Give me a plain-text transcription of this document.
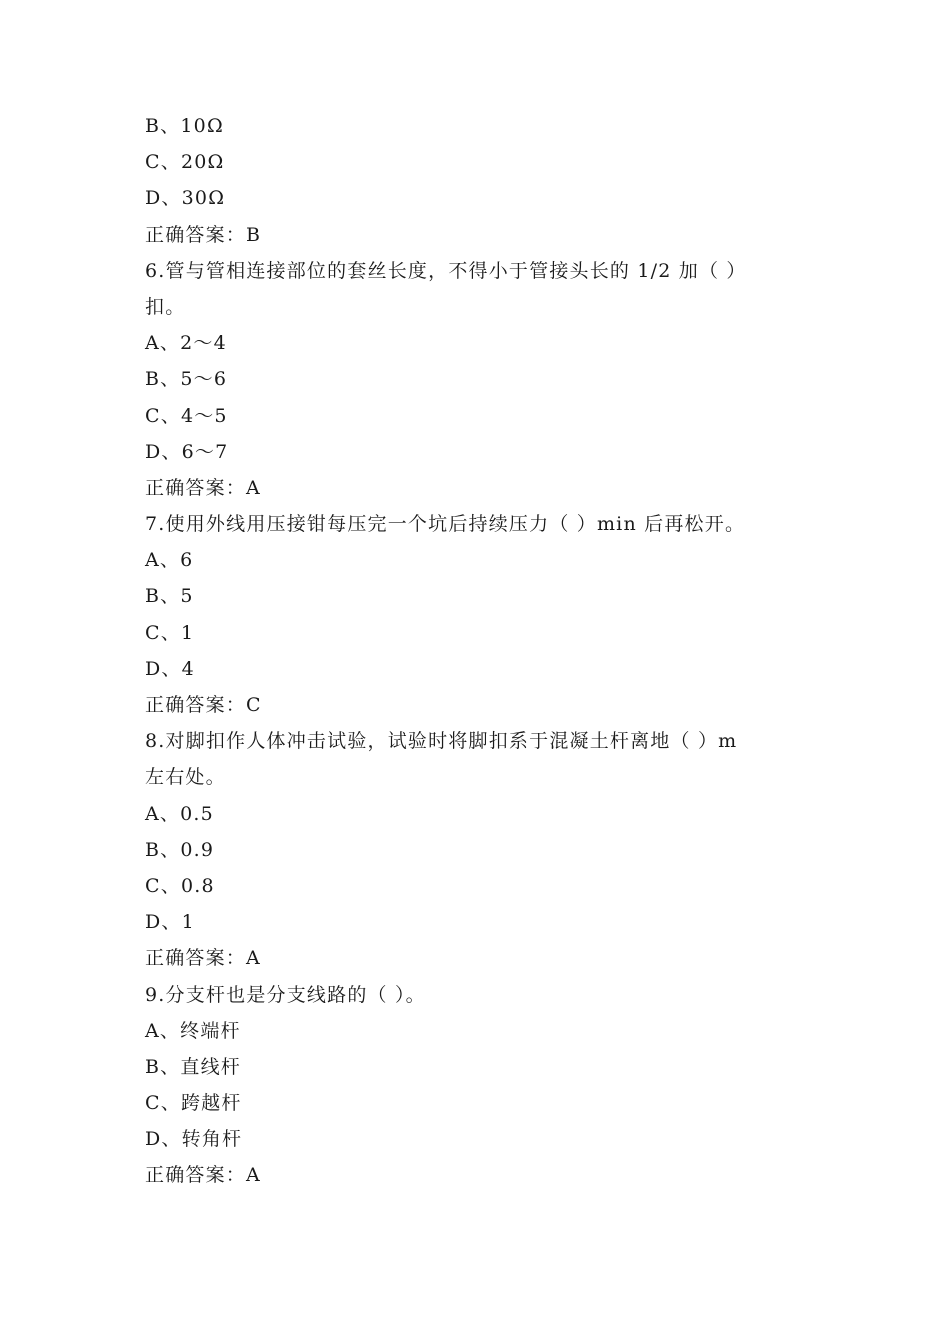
B、10Ω
C、20Ω
D、30Ω
正确答案：B
6.管与管相连接部位的套丝长度，不得小于管接头长的 1/2 加（ ）
扣。
A、2～4
B、5～6
C、4～5
D、6～7
正确答案：A
7.使用外线用压接钳每压完一个坑后持续压力（ ）min 后再松开。
A、6
B、5
C、1
D、4
正确答案：C
8.对脚扣作人体冲击试验，试验时将脚扣系于混凝土杆离地（ ）m
左右处。
A、0.5
B、0.9
C、0.8
D、1
正确答案：A
9.分支杆也是分支线路的（ ）。
A、终端杆
B、直线杆
C、跨越杆
D、转角杆
正确答案：A
